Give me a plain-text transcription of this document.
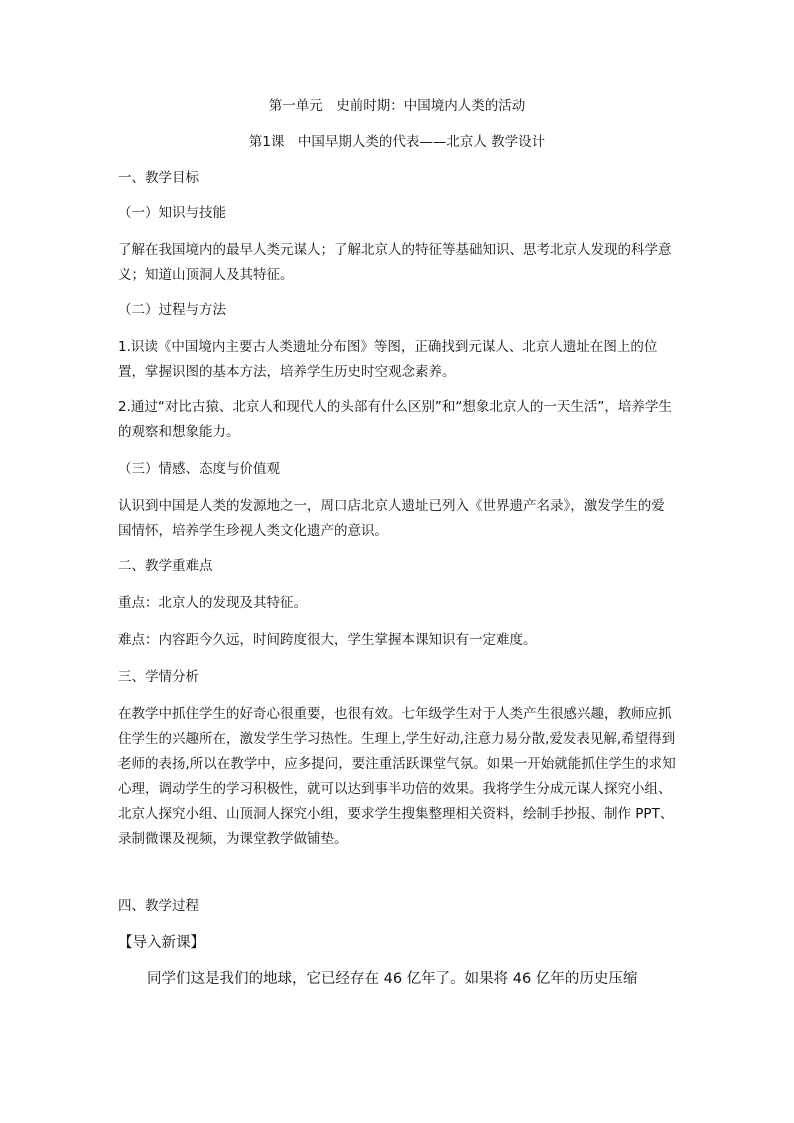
第一单元　史前时期：中国境内人类的活动
第1课　中国早期人类的代表——北京人 教学设计

一、教学目标

（一）知识与技能

了解在我国境内的最早人类元谋人；了解北京人的特征等基础知识、思考北京人发现的科学意义；知道山顶洞人及其特征。

（二）过程与方法

1.识读《中国境内主要古人类遗址分布图》等图，正确找到元谋人、北京人遗址在图上的位置，掌握识图的基本方法，培养学生历史时空观念素养。

2.通过“对比古猿、北京人和现代人的头部有什么区别”和“想象北京人的一天生活”，培养学生的观察和想象能力。

（三）情感、态度与价值观

认识到中国是人类的发源地之一，周口店北京人遗址已列入《世界遗产名录》，激发学生的爱国情怀，培养学生珍视人类文化遗产的意识。

二、教学重难点

重点：北京人的发现及其特征。

难点：内容距今久远，时间跨度很大，学生掌握本课知识有一定难度。

三、学情分析

在教学中抓住学生的好奇心很重要，也很有效。七年级学生对于人类产生很感兴趣，教师应抓住学生的兴趣所在，激发学生学习热性。生理上,学生好动,注意力易分散,爱发表见解,希望得到老师的表扬,所以在教学中，应多提问，要注重活跃课堂气氛。如果一开始就能抓住学生的求知心理，调动学生的学习积极性，就可以达到事半功倍的效果。我将学生分成元谋人探究小组、北京人探究小组、山顶洞人探究小组，要求学生搜集整理相关资料，绘制手抄报、制作 PPT、录制微课及视频，为课堂教学做铺垫。

四、教学过程

【导入新课】

同学们这是我们的地球，它已经存在 46 亿年了。如果将 46 亿年的历史压缩
